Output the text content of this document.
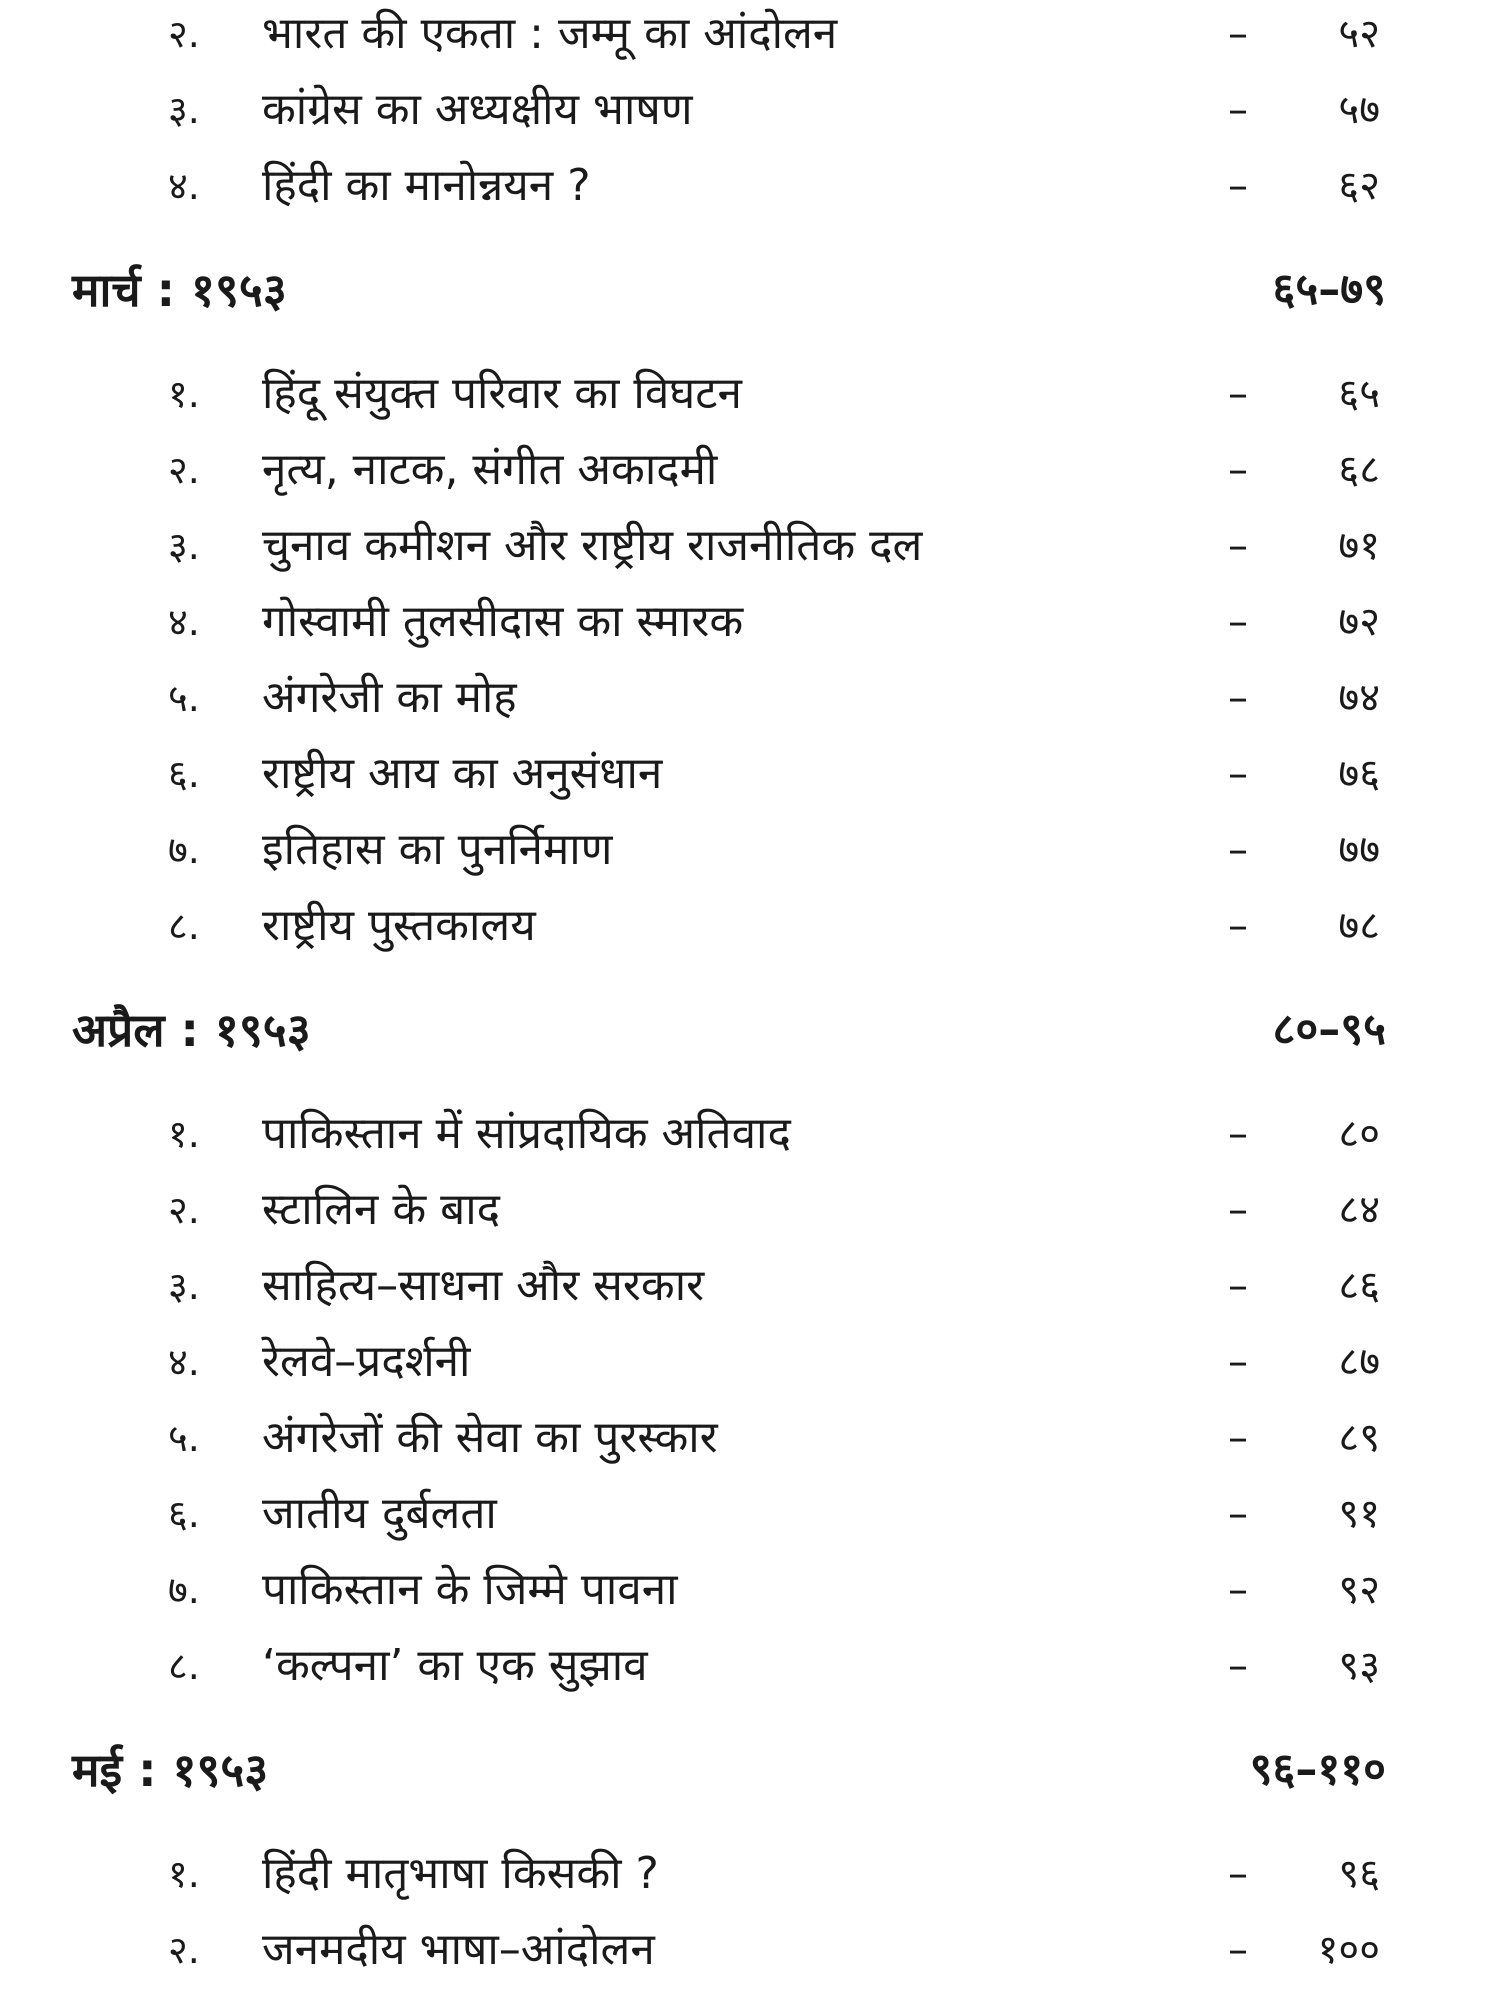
२. भारत की एकता : जम्मू का आंदोलन	– ५२
३. कांग्रेस का अध्यक्षीय भाषण	– ५७
४. हिंदी का मानोन्नयन ?	– ६२
मार्च : १९५३	६५–७९
१. हिंदू संयुक्त परिवार का विघटन	– ६५
२. नृत्य, नाटक, संगीत अकादमी	– ६८
३. चुनाव कमीशन और राष्ट्रीय राजनीतिक दल	– ७१
४. गोस्वामी तुलसीदास का स्मारक	– ७२
५. अंगरेजी का मोह	– ७४
६. राष्ट्रीय आय का अनुसंधान	– ७६
७. इतिहास का पुनर्निमाण	– ७७
८. राष्ट्रीय पुस्तकालय	– ७८
अप्रैल : १९५३	८०–९५
१. पाकिस्तान में सांप्रदायिक अतिवाद	– ८०
२. स्टालिन के बाद	– ८४
३. साहित्य–साधना और सरकार	– ८६
४. रेलवे–प्रदर्शनी	– ८७
५. अंगरेजों की सेवा का पुरस्कार	– ८९
६. जातीय दुर्बलता	– ९१
७. पाकिस्तान के जिम्मे पावना	– ९२
८. ‘कल्पना’ का एक सुझाव	– ९३
मई : १९५३	९६–११०
१. हिंदी मातृभाषा किसकी ?	– ९६
२. जनमदीय भाषा–आंदोलन	– १००
